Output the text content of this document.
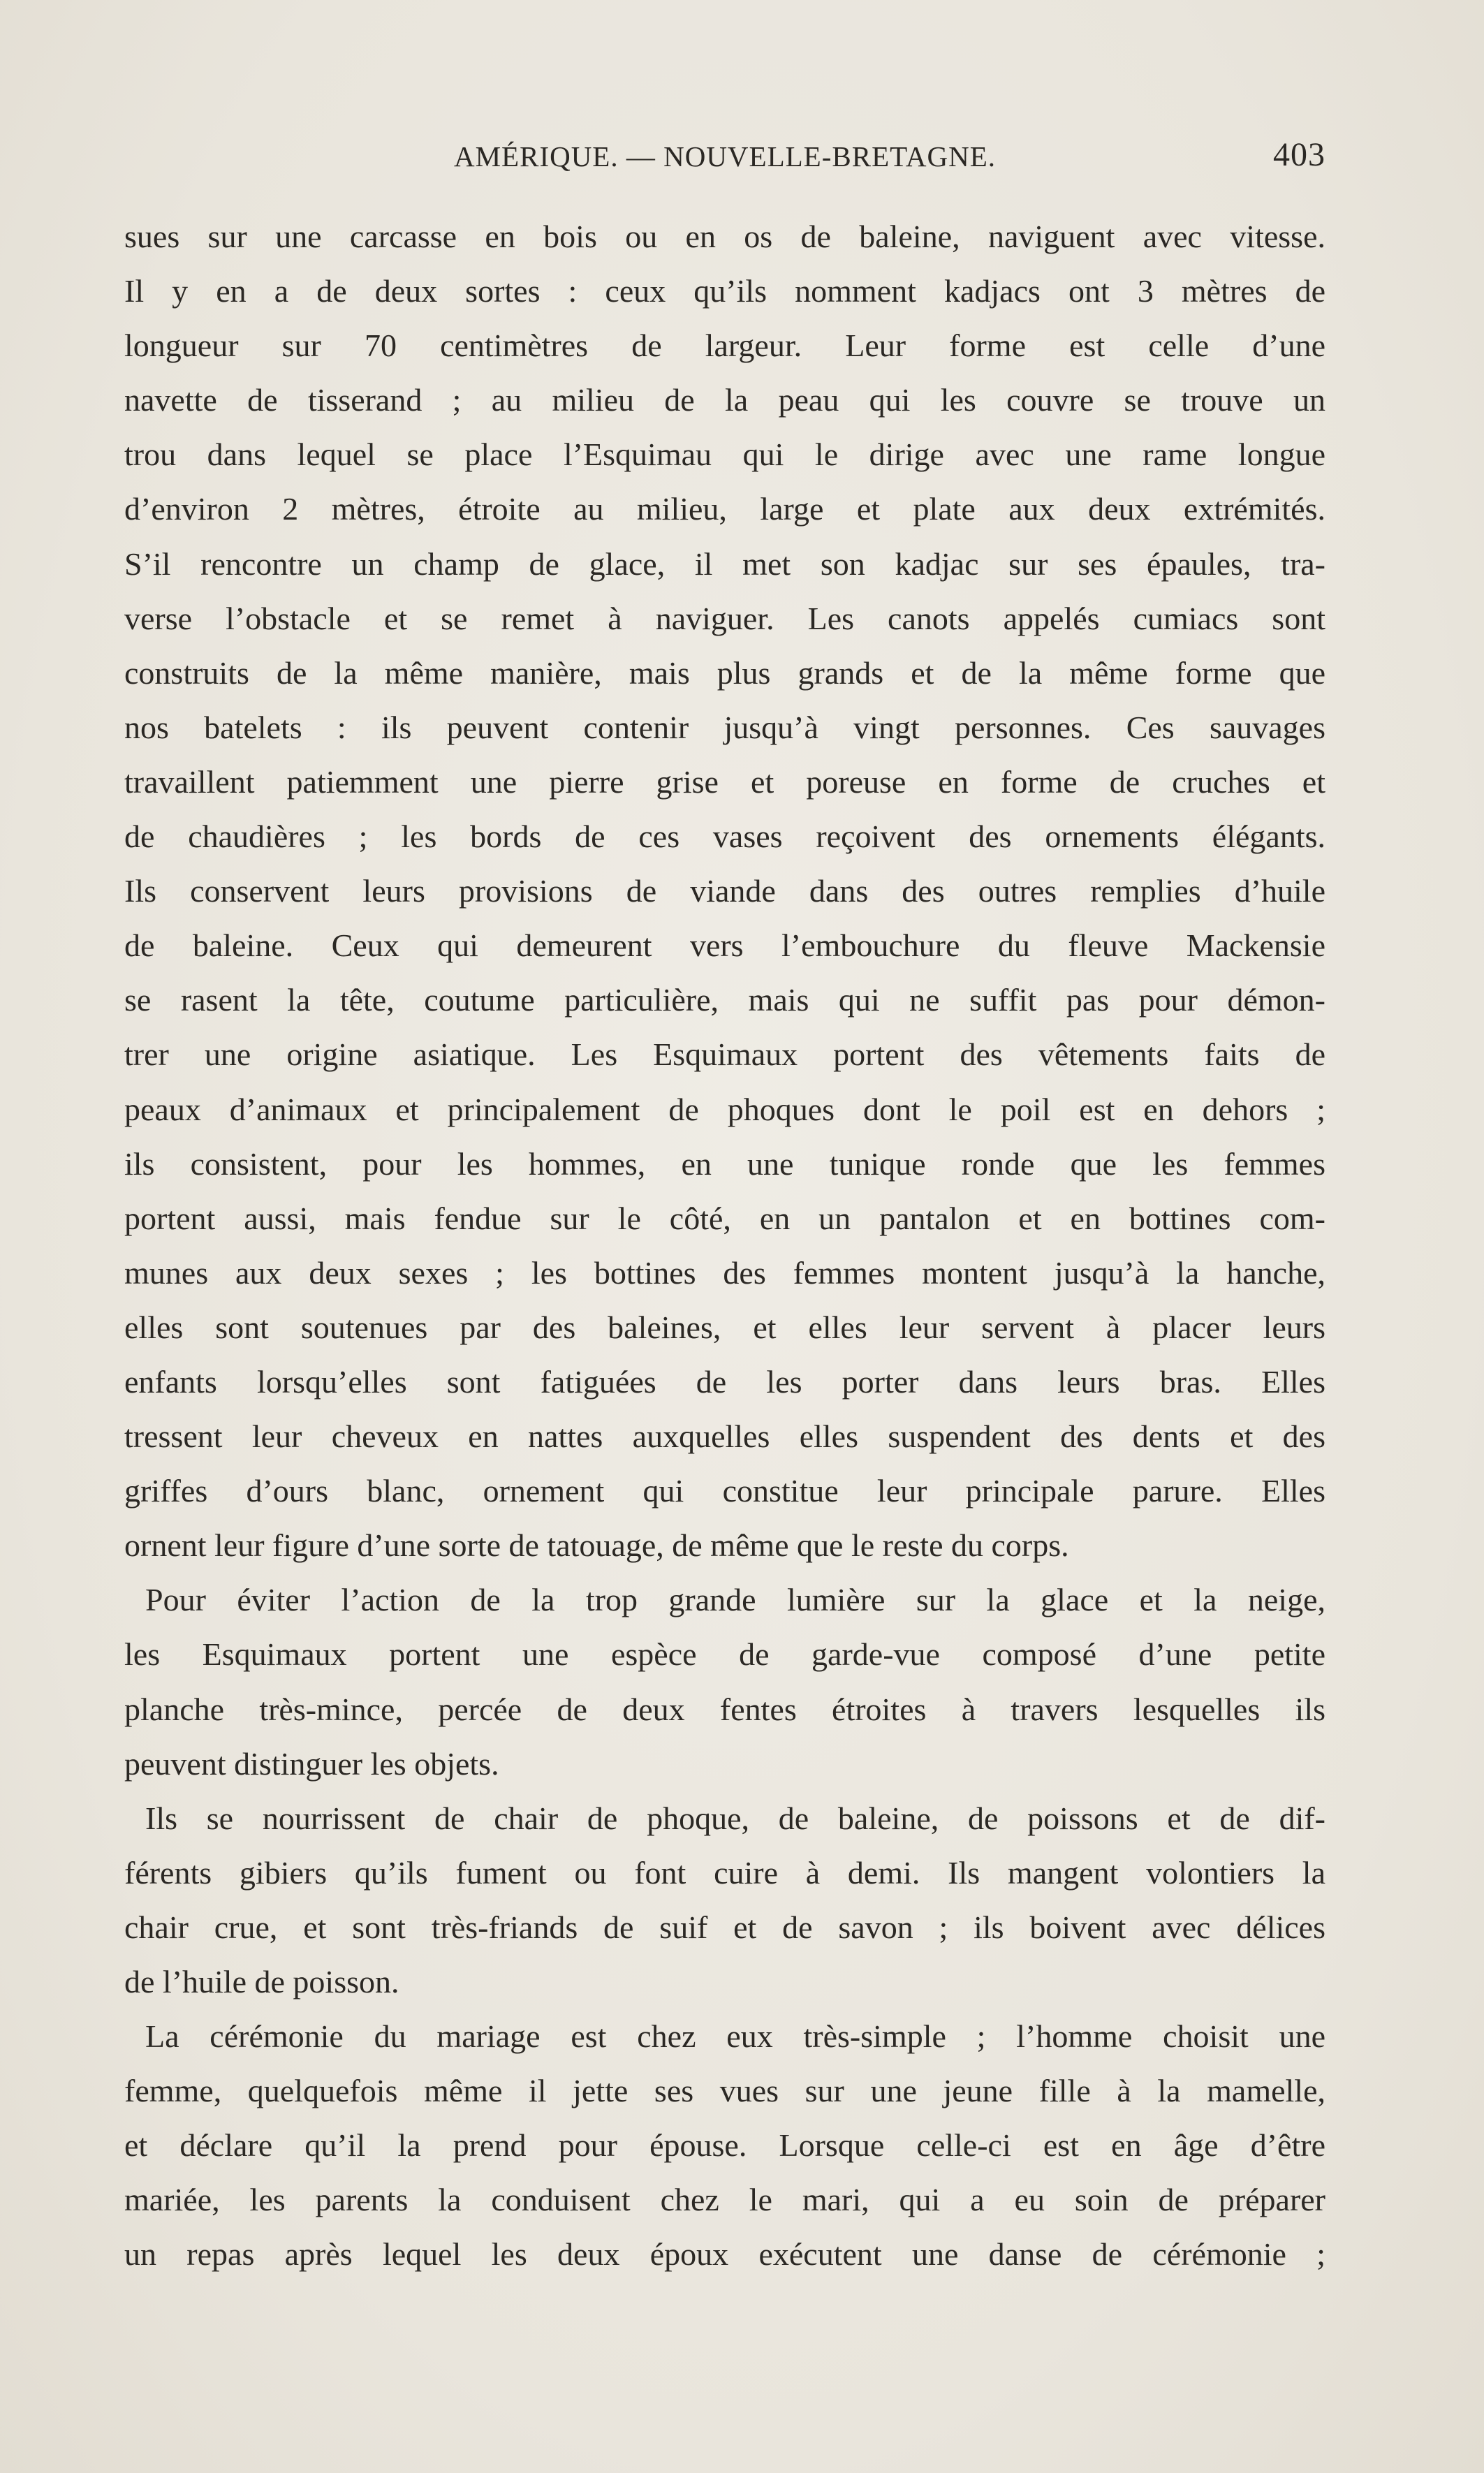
AMÉRIQUE. — NOUVELLE-BRETAGNE.	403
sues sur une carcasse en bois ou en os de baleine, naviguent avec vitesse.
Il y en a de deux sortes : ceux qu’ils nomment kadjacs ont 3 mètres de
longueur sur 70 centimètres de largeur. Leur forme est celle d’une
navette de tisserand ; au milieu de la peau qui les couvre se trouve un
trou dans lequel se place l’Esquimau qui le dirige avec une rame longue
d’environ 2 mètres, étroite au milieu, large et plate aux deux extrémités.
S’il rencontre un champ de glace, il met son kadjac sur ses épaules, tra-
verse l’obstacle et se remet à naviguer. Les canots appelés cumiacs sont
construits de la même manière, mais plus grands et de la même forme que
nos batelets : ils peuvent contenir jusqu’à vingt personnes. Ces sauvages
travaillent patiemment une pierre grise et poreuse en forme de cruches et
de chaudières ; les bords de ces vases reçoivent des ornements élégants.
Ils conservent leurs provisions de viande dans des outres remplies d’huile
de baleine. Ceux qui demeurent vers l’embouchure du fleuve Mackensie
se rasent la tête, coutume particulière, mais qui ne suffit pas pour démon-
trer une origine asiatique. Les Esquimaux portent des vêtements faits de
peaux d’animaux et principalement de phoques dont le poil est en dehors ;
ils consistent, pour les hommes, en une tunique ronde que les femmes
portent aussi, mais fendue sur le côté, en un pantalon et en bottines com-
munes aux deux sexes ; les bottines des femmes montent jusqu’à la hanche,
elles sont soutenues par des baleines, et elles leur servent à placer leurs
enfants lorsqu’elles sont fatiguées de les porter dans leurs bras. Elles
tressent leur cheveux en nattes auxquelles elles suspendent des dents et des
griffes d’ours blanc, ornement qui constitue leur principale parure. Elles
ornent leur figure d’une sorte de tatouage, de même que le reste du corps.
Pour éviter l’action de la trop grande lumière sur la glace et la neige,
les Esquimaux portent une espèce de garde-vue composé d’une petite
planche très-mince, percée de deux fentes étroites à travers lesquelles ils
peuvent distinguer les objets.
Ils se nourrissent de chair de phoque, de baleine, de poissons et de dif-
férents gibiers qu’ils fument ou font cuire à demi. Ils mangent volontiers la
chair crue, et sont très-friands de suif et de savon ; ils boivent avec délices
de l’huile de poisson.
La cérémonie du mariage est chez eux très-simple ; l’homme choisit une
femme, quelquefois même il jette ses vues sur une jeune fille à la mamelle,
et déclare qu’il la prend pour épouse. Lorsque celle-ci est en âge d’être
mariée, les parents la conduisent chez le mari, qui a eu soin de préparer
un repas après lequel les deux époux exécutent une danse de cérémonie ;
